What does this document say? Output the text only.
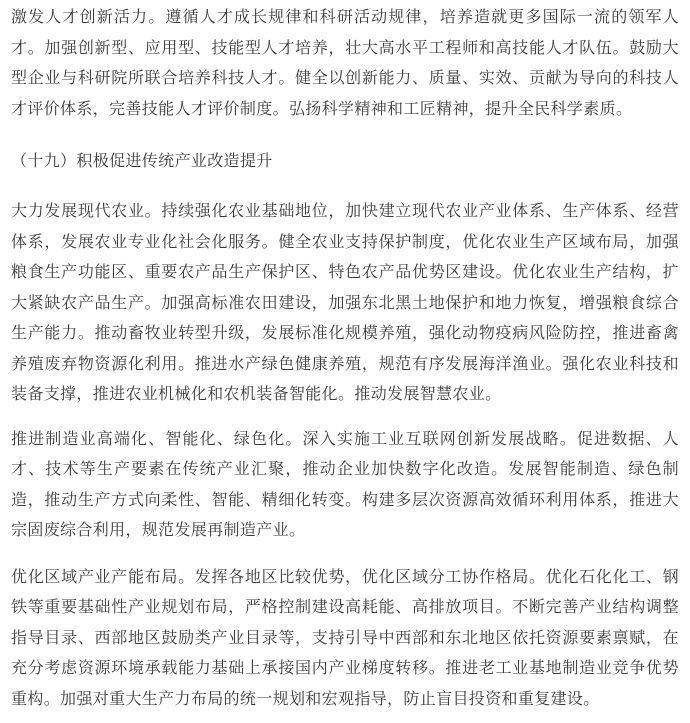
激发人才创新活力。遵循人才成长规律和科研活动规律，培养造就更多国际一流的领军人才。加强创新型、应用型、技能型人才培养，壮大高水平工程师和高技能人才队伍。鼓励大型企业与科研院所联合培养科技人才。健全以创新能力、质量、实效、贡献为导向的科技人才评价体系，完善技能人才评价制度。弘扬科学精神和工匠精神，提升全民科学素质。

（十九）积极促进传统产业改造提升

大力发展现代农业。持续强化农业基础地位，加快建立现代农业产业体系、生产体系、经营体系，发展农业专业化社会化服务。健全农业支持保护制度，优化农业生产区域布局，加强粮食生产功能区、重要农产品生产保护区、特色农产品优势区建设。优化农业生产结构，扩大紧缺农产品生产。加强高标准农田建设，加强东北黑土地保护和地力恢复，增强粮食综合生产能力。推动畜牧业转型升级，发展标准化规模养殖，强化动物疫病风险防控，推进畜禽养殖废弃物资源化利用。推进水产绿色健康养殖，规范有序发展海洋渔业。强化农业科技和装备支撑，推进农业机械化和农机装备智能化。推动发展智慧农业。

推进制造业高端化、智能化、绿色化。深入实施工业互联网创新发展战略。促进数据、人才、技术等生产要素在传统产业汇聚，推动企业加快数字化改造。发展智能制造、绿色制造，推动生产方式向柔性、智能、精细化转变。构建多层次资源高效循环利用体系，推进大宗固废综合利用，规范发展再制造产业。

优化区域产业产能布局。发挥各地区比较优势，优化区域分工协作格局。优化石化化工、钢铁等重要基础性产业规划布局，严格控制建设高耗能、高排放项目。不断完善产业结构调整指导目录、西部地区鼓励类产业目录等，支持引导中西部和东北地区依托资源要素禀赋，在充分考虑资源环境承载能力基础上承接国内产业梯度转移。推进老工业基地制造业竞争优势重构。加强对重大生产力布局的统一规划和宏观指导，防止盲目投资和重复建设。
